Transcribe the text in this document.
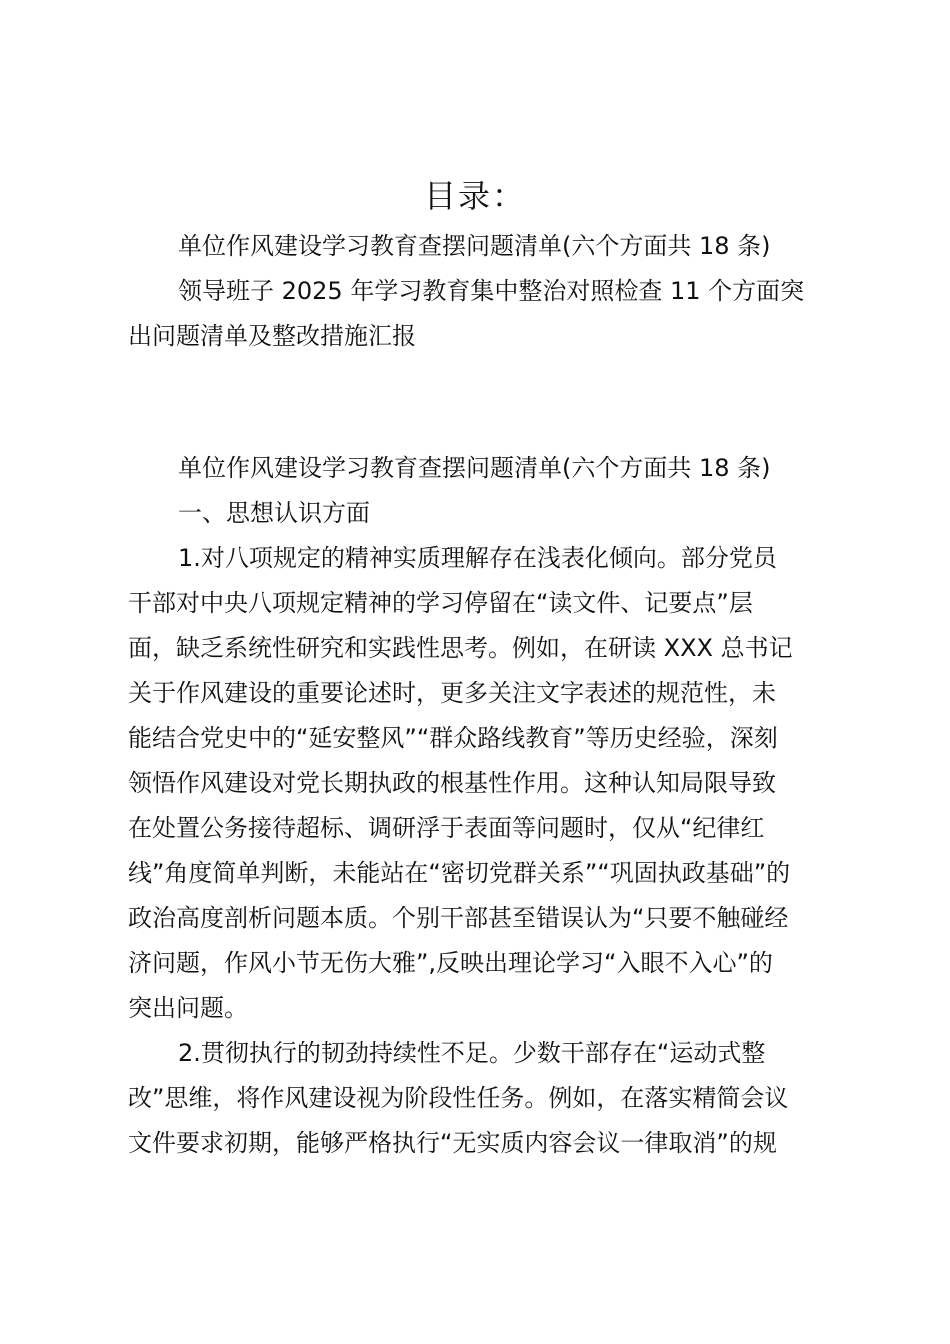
目录：

单位作风建设学习教育查摆问题清单(六个方面共 18 条)

领导班子 2025 年学习教育集中整治对照检查 11 个方面突

出问题清单及整改措施汇报

单位作风建设学习教育查摆问题清单(六个方面共 18 条)

一、思想认识方面

1.对八项规定的精神实质理解存在浅表化倾向。部分党员

干部对中央八项规定精神的学习停留在“读文件、记要点”层

面，缺乏系统性研究和实践性思考。例如，在研读 XXX 总书记

关于作风建设的重要论述时，更多关注文字表述的规范性，未

能结合党史中的“延安整风”“群众路线教育”等历史经验，深刻

领悟作风建设对党长期执政的根基性作用。这种认知局限导致

在处置公务接待超标、调研浮于表面等问题时，仅从“纪律红

线”角度简单判断，未能站在“密切党群关系”“巩固执政基础”的

政治高度剖析问题本质。个别干部甚至错误认为“只要不触碰经

济问题，作风小节无伤大雅”,反映出理论学习“入眼不入心”的

突出问题。

2.贯彻执行的韧劲持续性不足。少数干部存在“运动式整

改”思维，将作风建设视为阶段性任务。例如，在落实精简会议

文件要求初期，能够严格执行“无实质内容会议一律取消”的规
